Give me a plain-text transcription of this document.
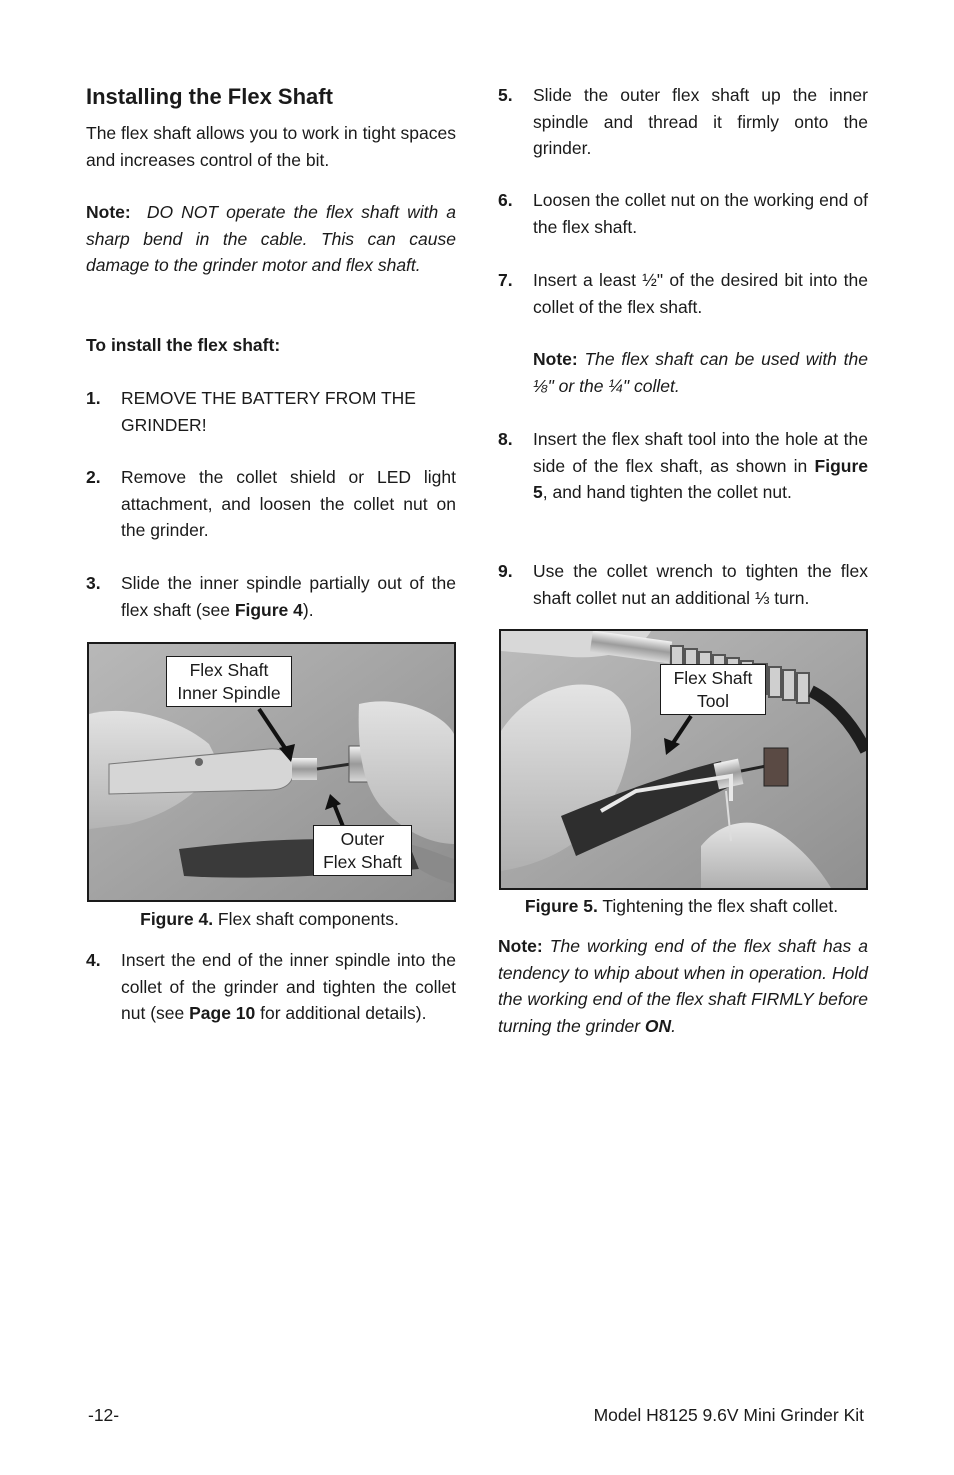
Installing the Flex Shaft

The flex shaft allows you to work in tight spaces and increases control of the bit.

Note: DO NOT operate the flex shaft with a sharp bend in the cable. This can cause damage to the grinder motor and flex shaft.

To install the flex shaft:

1. REMOVE THE BATTERY FROM THE GRINDER!

2. Remove the collet shield or LED light attachment, and loosen the collet nut on the grinder.

3. Slide the inner spindle partially out of the flex shaft (see Figure 4).

4. Insert the end of the inner spindle into the collet of the grinder and tighten the collet nut (see Page 10 for additional details).

Flex Shaft
Inner Spindle
Outer
Flex Shaft
Figure 4. Flex shaft components.
5. Slide the outer flex shaft up the inner spindle and thread it firmly onto the grinder.

6. Loosen the collet nut on the working end of the flex shaft.

7. Insert a least ½" of the desired bit into the collet of the flex shaft.

Note: The flex shaft can be used with the ⅛" or the ¼" collet.

8. Insert the flex shaft tool into the hole at the side of the flex shaft, as shown in Figure 5, and hand tighten the collet nut.

9. Use the collet wrench to tighten the flex shaft collet nut an additional ⅓ turn.

Note: The working end of the flex shaft has a tendency to whip about when in operation. Hold the working end of the flex shaft FIRMLY before turning the grinder ON.

Flex Shaft
Tool
Figure 5. Tightening the flex shaft collet.
-12-	Model H8125 9.6V Mini Grinder Kit
